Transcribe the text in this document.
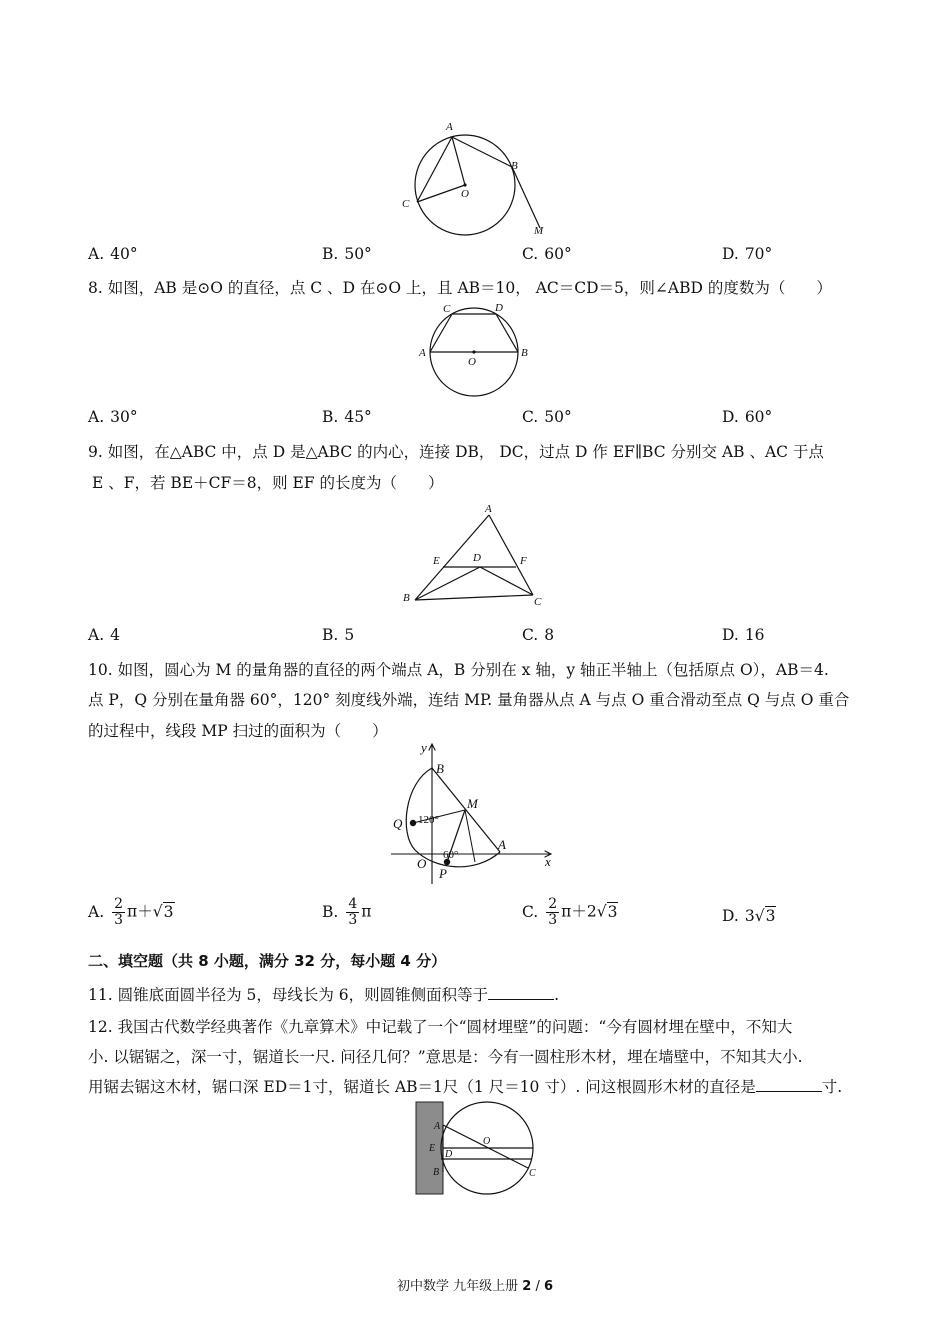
A
B
C
O
M
A. 40°	B. 50°	C. 60°	D. 70°
8. 如图，AB 是⊙O 的直径，点 C 、D 在⊙O 上，且 AB＝10， AC＝CD＝5，则∠ABD 的度数为（　　）
C	D
A	B
O
A. 30°	B. 45°	C. 50°	D. 60°
9. 如图，在△ABC 中，点 D 是△ABC 的内心，连接 DB， DC，过点 D 作 EF∥BC 分别交 AB 、AC 于点
E 、F，若 BE＋CF＝8，则 EF 的长度为（　　）
A
E	D	F
B	C
A. 4	B. 5	C. 8	D. 16
10. 如图，圆心为 M 的量角器的直径的两个端点 A，B 分别在 x 轴，y 轴正半轴上（包括原点 O），AB＝4.
点 P，Q 分别在量角器 60°，120° 刻度线外端，连结 MP. 量角器从点 A 与点 O 重合滑动至点 Q 与点 O 重合
的过程中，线段 MP 扫过的面积为（　　）
y
x
B
M
Q 120°
A
O
60°
P
A. $\frac{2}{3} \pi+√3$	B. $\frac{4}{3}$ π	C. $\frac{2}{3} \pi+2√3$	D. 3√3
二、填空题（共 8 小题，满分 32 分，每小题 4 分）
11. 圆锥底面圆半径为 5，母线长为 6，则圆锥侧面积等于	.
12. 我国古代数学经典著作《九章算术》中记载了一个“圆材埋壁”的问题：“今有圆材埋在壁中，不知大
小. 以锯锯之，深一寸，锯道长一尺. 问径几何？”意思是：今有一圆柱形木材，埋在墙壁中，不知其大小.
用锯去锯这木材，锯口深 ED＝1寸，锯道长 AB＝1尺（1 尺＝10 寸）. 问这根圆形木材的直径是	寸.
A
E
D
B
O
C
初中数学 九年级上册 2 / 6
